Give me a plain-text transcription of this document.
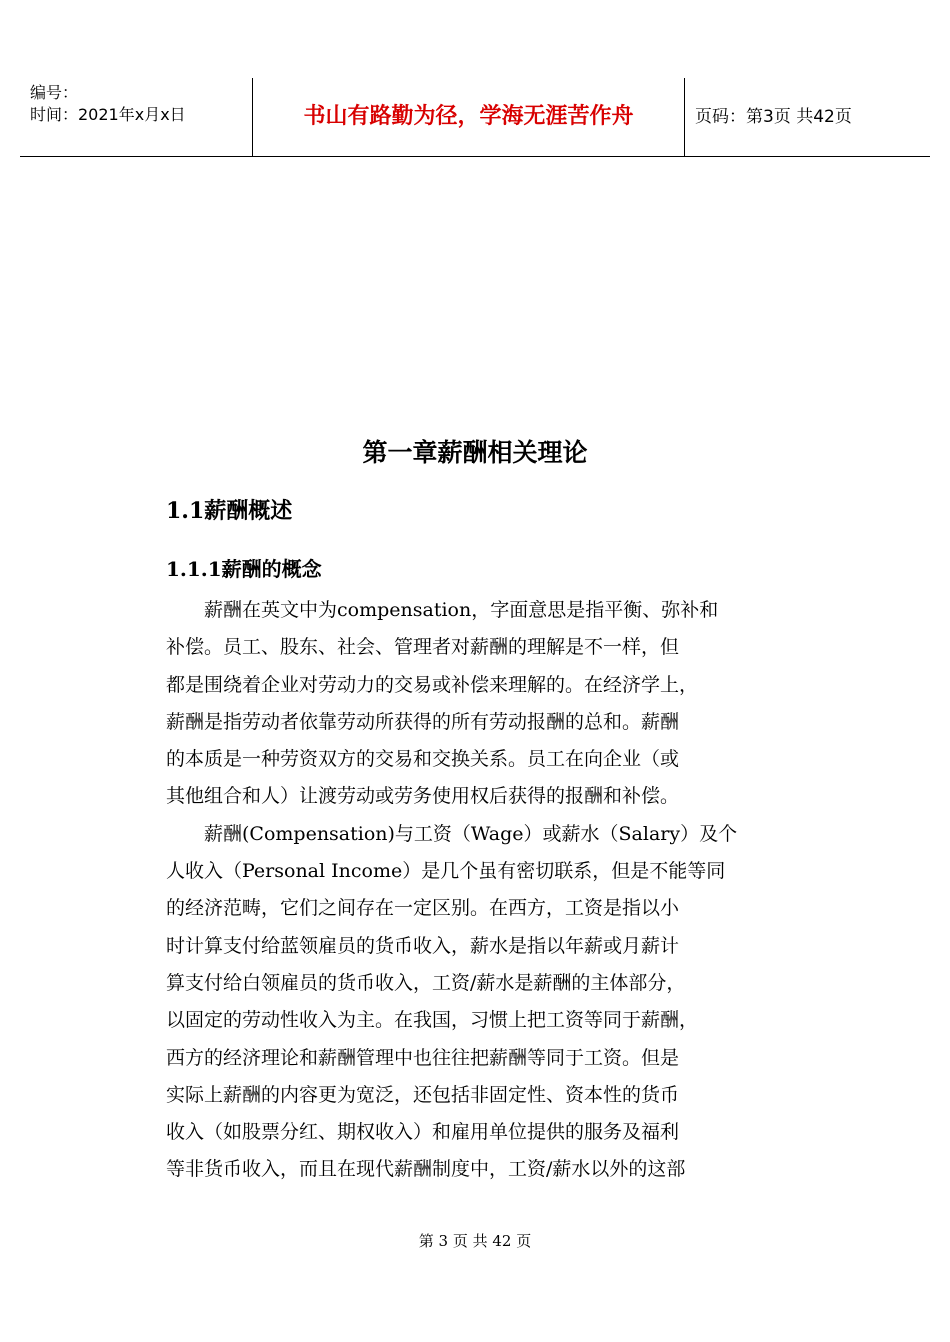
编号：
时间：2021年x月x日	书山有路勤为径，学海无涯苦作舟	页码：第3页 共42页
第一章薪酬相关理论
1.1薪酬概述
1.1.1薪酬的概念
　　薪酬在英文中为compensation，字面意思是指平衡、弥补和
补偿。员工、股东、社会、管理者对薪酬的理解是不一样，但
都是围绕着企业对劳动力的交易或补偿来理解的。在经济学上，
薪酬是指劳动者依靠劳动所获得的所有劳动报酬的总和。薪酬
的本质是一种劳资双方的交易和交换关系。员工在向企业（或
其他组合和人）让渡劳动或劳务使用权后获得的报酬和补偿。
　　薪酬(Compensation)与工资（Wage）或薪水（Salary）及个
人收入（Personal Income）是几个虽有密切联系，但是不能等同
的经济范畴，它们之间存在一定区别。在西方，工资是指以小
时计算支付给蓝领雇员的货币收入，薪水是指以年薪或月薪计
算支付给白领雇员的货币收入，工资/薪水是薪酬的主体部分，
以固定的劳动性收入为主。在我国，习惯上把工资等同于薪酬，
西方的经济理论和薪酬管理中也往往把薪酬等同于工资。但是
实际上薪酬的内容更为宽泛，还包括非固定性、资本性的货币
收入（如股票分红、期权收入）和雇用单位提供的服务及福利
等非货币收入，而且在现代薪酬制度中，工资/薪水以外的这部
第 3 页 共 42 页
